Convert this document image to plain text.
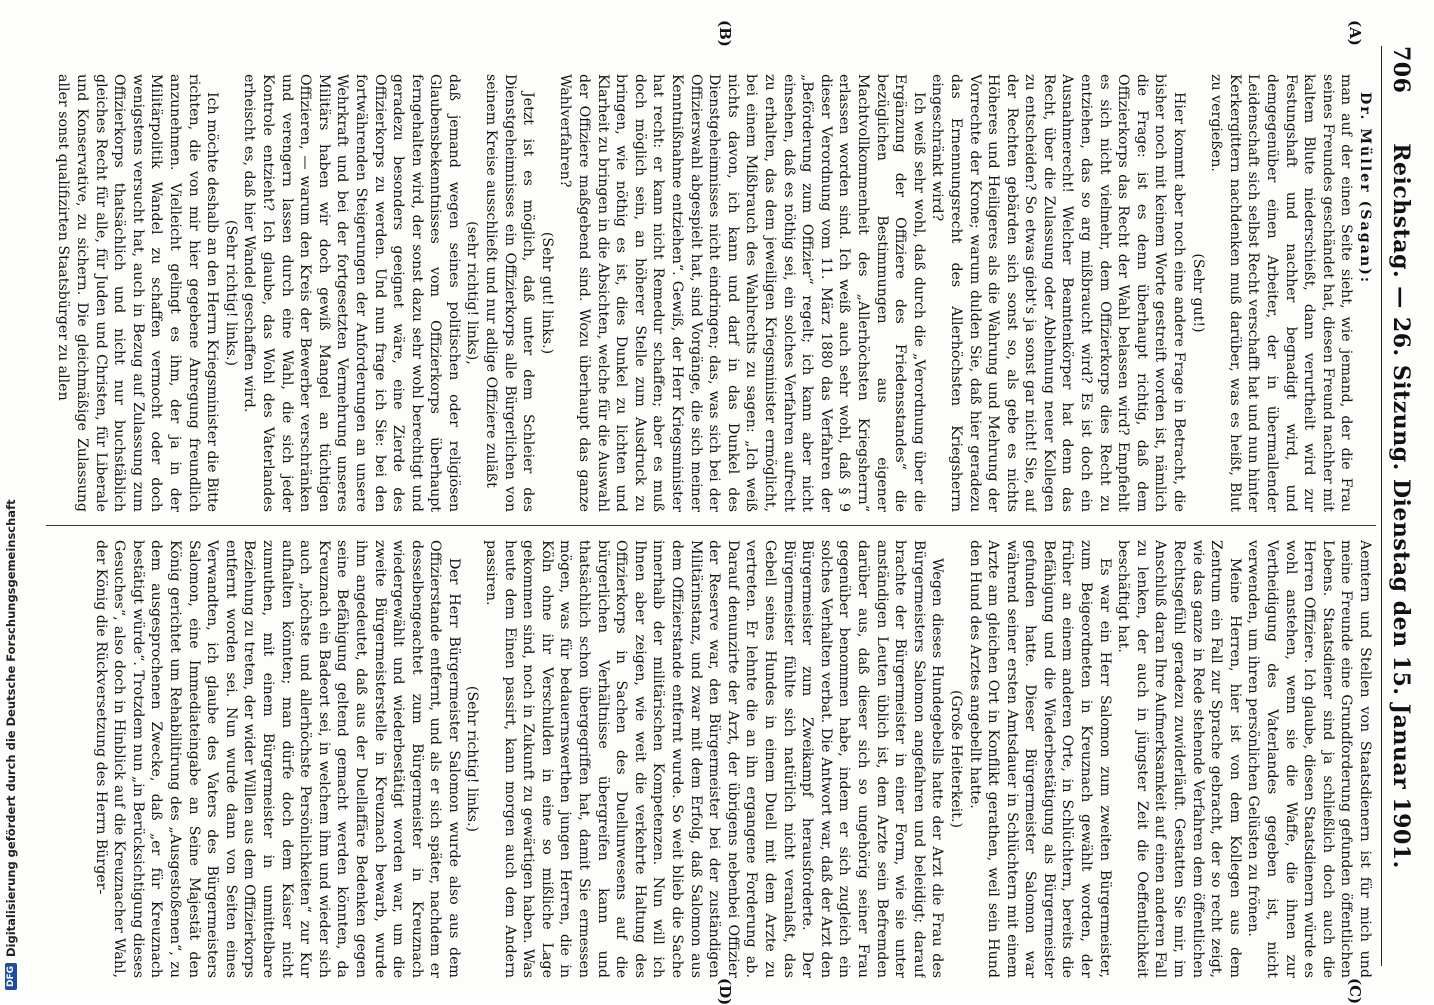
706
Reichstag. — 26. Sitzung. Dienstag den 15. Januar 1901.
(A)
(B)
(C)
(D)

Dr. Müller (Sagan):

man auf der einen Seite sieht, wie jemand, der die Frau seines Freundes geschändet hat, diesen Freund nachher mit kaltem Blute niederschießt, dann verurtheilt wird zur Festungshaft und nachher begnadigt wird, und demgegenüber einen Arbeiter, der in übermallender Leidenschaft sich selbst Recht verschafft hat und nun hinter Kerkergittern nachdenken muß darüber, was es heißt, Blut zu vergießen.

(Sehr gut!)

Hier kommt aber noch eine andere Frage in Betracht, die bisher noch mit keinem Worte gestreift worden ist, nämlich die Frage: ist es denn überhaupt richtig, daß dem Offizierkorps das Recht der Wahl belassen wird? Empfiehlt es sich nicht vielmehr, dem Offizierkorps dies Recht zu entziehen, das so arg mißbraucht wird? Es ist doch ein Ausnahmerecht! Welcher Beamtenkörper hat denn das Recht, über die Zulassung oder Ablehnung neuer Kollegen zu entscheiden? So etwas giebt's ja sonst gar nicht! Sie, auf der Rechten gebärden sich sonst so, als gebe es nichts Höheres und Heiligeres als die Wahrung und Mehrung der Vorrechte der Krone; warum dulden Sie, daß hier geradezu das Ernennungsrecht des Allerhöchsten Kriegsherrn eingeschränkt wird?

Ich weiß sehr wohl, daß durch die „Verordnung über die Ergänzung der Offiziere des Friedensstandes“ die bezüglichen Bestimmungen aus eigener Machtvollkommenheit des „Allerhöchsten Kriegsherrn“ erlassen worden sind. Ich weiß auch sehr wohl, daß § 9 dieser Verordnung vom 11. März 1880 das Verfahren der „Beförderung zum Offizier“ regelt; ich kann aber nicht einsehen, daß es nöthig sei, ein solches Verfahren aufrecht zu erhalten, das dem jeweiligen Kriegsminister ermöglicht, bei einem Mißbrauch des Wahlrechts zu sagen: „Ich weiß nichts davon, ich kann und darf in das Dunkel des Dienstgeheimnisses nicht eindringen; das, was sich bei der Offizierswahl abgespielt hat, sind Vorgänge, die sich meiner Kenntnißnahme entziehen“. Gewiß, der Herr Kriegsminister hat recht: er kann nicht Remedur schaffen; aber es muß doch möglich sein, an höherer Stelle zum Ausdruck zu bringen, wie nöthig es ist, dies Dunkel zu lichten und Klarheit zu bringen in die Absichten, welche für die Auswahl der Offiziere maßgebend sind. Wozu überhaupt das ganze Wahlverfahren?

(Sehr gut! links.)

Jetzt ist es möglich, daß unter dem Schleier des Dienstgeheimnisses ein Offizierkorps alle Bürgerlichen von seinem Kreise ausschließt und nur adlige Offiziere zuläßt

(sehr richtig! links),

daß jemand wegen seines politischen oder religiösen Glaubensbekenntnisses vom Offizierkorps überhaupt ferngehalten wird, der sonst dazu sehr wohl berechtigt und geradezu besonders geeignet wäre, eine Zierde des Offizierkorps zu werden. Und nun frage ich Sie: bei den fortwährenden Steigerungen der Anforderungen an unsere Wehrkraft und bei der fortgesetzten Vermehrung unseres Militärs haben wir doch gewiß Mangel an tüchtigen Offizieren, — warum den Kreis der Bewerber verschränken und verengern lassen durch eine Wahl, die sich jeder Kontrole entzieht? Ich glaube, das Wohl des Vaterlandes erheischt es, daß hier Wandel geschaffen wird.

(Sehr richtig! links.)

Ich möchte deshalb an den Herrn Kriegsminister die Bitte richten, die von mir hier gegebene Anregung freundlich anzunehmen. Vielleicht gelingt es ihm, der ja in der Militärpolitik Wandel zu schaffen vermocht oder doch wenigstens versucht hat, auch in Bezug auf Zulassung zum Offizierkorps thatsächlich und nicht nur buchstäblich gleiches Recht für alle, für Juden und Christen, für Liberale und Konservative, zu sichern. Die gleichmäßige Zulassung aller sonst qualifizirten Staatsbürger zu allen

Aemtern und Stellen von Staatsdienern ist für mich und meine Freunde eine Grundforderung gefunden öffentlichen Lebens. Staatsdiener sind ja schließlich doch auch die Herren Offiziere. Ich glaube, diesen Staatsdienern würde es wohl anstehen, wenn sie die Waffe, die ihnen zur Vertheidigung des Vaterlandes gegeben ist, nicht verwenden, um ihren persönlichen Gelüsten zu frönen.

Meine Herren, hier ist von dem Kollegen aus dem Zentrum ein Fall zur Sprache gebracht, der so recht zeigt, wie das ganze in Rede stehende Verfahren dem öffentlichen Rechtsgefühl geradezu zuwiderläuft. Gestatten Sie mir, im Anschluß daran Ihre Aufmerksamkeit auf einen anderen Fall zu lenken, der auch in jüngster Zeit die Oeffentlichkeit beschäftigt hat.

Es war ein Herr Salomon zum zweiten Bürgermeister, zum Beigeordneten in Kreuznach gewählt worden, der früher an einem anderen Orte, in Schlüchtern, bereits die Befähigung und die Wiederbestätigung als Bürgermeister gefunden hatte. Dieser Bürgermeister Salomon war während seiner ersten Amtsdauer in Schlüchtern mit einem Arzte am gleichen Ort in Konflikt gerathen, weil sein Hund den Hund des Arztes angebellt hatte.

(Große Heiterkeit.)

Wegen dieses Hundegebells hatte der Arzt die Frau des Bürgermeisters Salomon angefahren und beleidigt; darauf brachte der Bürgermeister in einer Form, wie sie unter anständigen Leuten üblich ist, dem Arzte sein Befremden darüber aus, daß dieser sich so ungehörig seiner Frau gegenüber benommen habe, indem er sich zugleich ein solches Verhalten verbat. Die Antwort war, daß der Arzt den Bürgermeister zum Zweikampf herausforderte. Der Bürgermeister fühlte sich natürlich nicht veranlaßt, das Gebell seines Hundes in einem Duell mit dem Arzte zu vertreten. Er lehnte die an ihn ergangene Forderung ab. Darauf denunzirte der Arzt, der übrigens nebenbei Offizier der Reserve war, den Bürgermeister bei der zuständigen Militärinstanz, und zwar mit dem Erfolg, daß Salomon aus dem Offizierstande entfernt wurde. So weit blieb die Sache innerhalb der militärischen Kompetenzen. Nun will ich Ihnen aber zeigen, wie weit die verkehrte Haltung des Offizierkorps in Sachen des Duellunwesens auf die bürgerlichen Verhältnisse übergreifen kann und thatsächlich schon übergegriffen hat, damit Sie ermessen mögen, was für bedauernswerthen jungen Herren, die in Köln ohne ihr Verschulden in eine so mißliche Lage gekommen sind, noch in Zukunft zu gewärtigen haben. Was heute dem Einen passirt, kann morgen auch dem Andern passiren.

(Sehr richtig! links.)

Der Herr Bürgermeister Salomon wurde also aus dem Offizierstande entfernt, und als er sich später, nachdem er desselbengeachtet zum Bürgermeister in Kreuznach wiedergewählt und wiederbestätigt worden war, um die zweite Bürgermeisterstelle in Kreuznach bewarb, wurde ihm angedeutet, daß aus der Duellaffäre Bedenken gegen seine Befähigung geltend gemacht werden könnten, da Kreuznach ein Badeort sei, in welchem ihm und wieder sich auch „höchste und allerhöchste Persönlichkeiten“ zur Kur aufhalten könnten; man dürfe doch dem Kaiser nicht zumuthen, mit einem Bürgermeister in unmittelbare Beziehung zu treten, der wider Willen aus dem Offizierkorps entfernt worden sei. Nun wurde dann von Seiten eines Verwandten, ich glaube des Vaters des Bürgermeisters Salomon, eine Immediateingabe an Seine Majestät den König gerichtet um Rehabilitirung des „Ausgestoßenen“, zu dem ausgesprochenen Zwecke, daß „er für Kreuznach bestätigt würde“. Trotzdem nun „in Berücksichtigung dieses Gesuches“, also doch in Hinblick auf die Kreuznacher Wahl, der König die Rückversetzung des Herrn Bürger-

DFG
Digitalisierung gefördert durch die Deutsche Forschungsgemeinschaft
